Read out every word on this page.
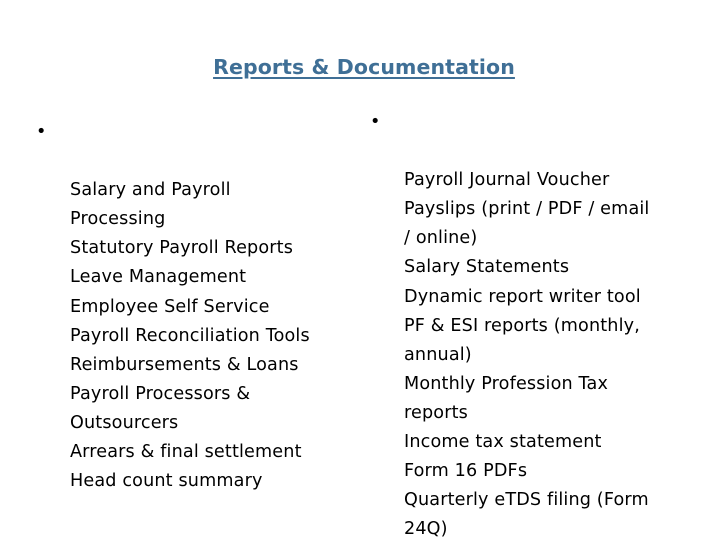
Reports & Documentation

•

Salary and Payroll
Processing
Statutory Payroll Reports
Leave Management
Employee Self Service
Payroll Reconciliation Tools
Reimbursements & Loans
Payroll Processors &
Outsourcers
Arrears & final settlement
Head count summary

•

Payroll Journal Voucher
Payslips (print / PDF / email
/ online)
Salary Statements
Dynamic report writer tool
PF & ESI reports (monthly,
annual)
Monthly Profession Tax
reports
Income tax statement
Form 16 PDFs
Quarterly eTDS filing (Form
24Q)
